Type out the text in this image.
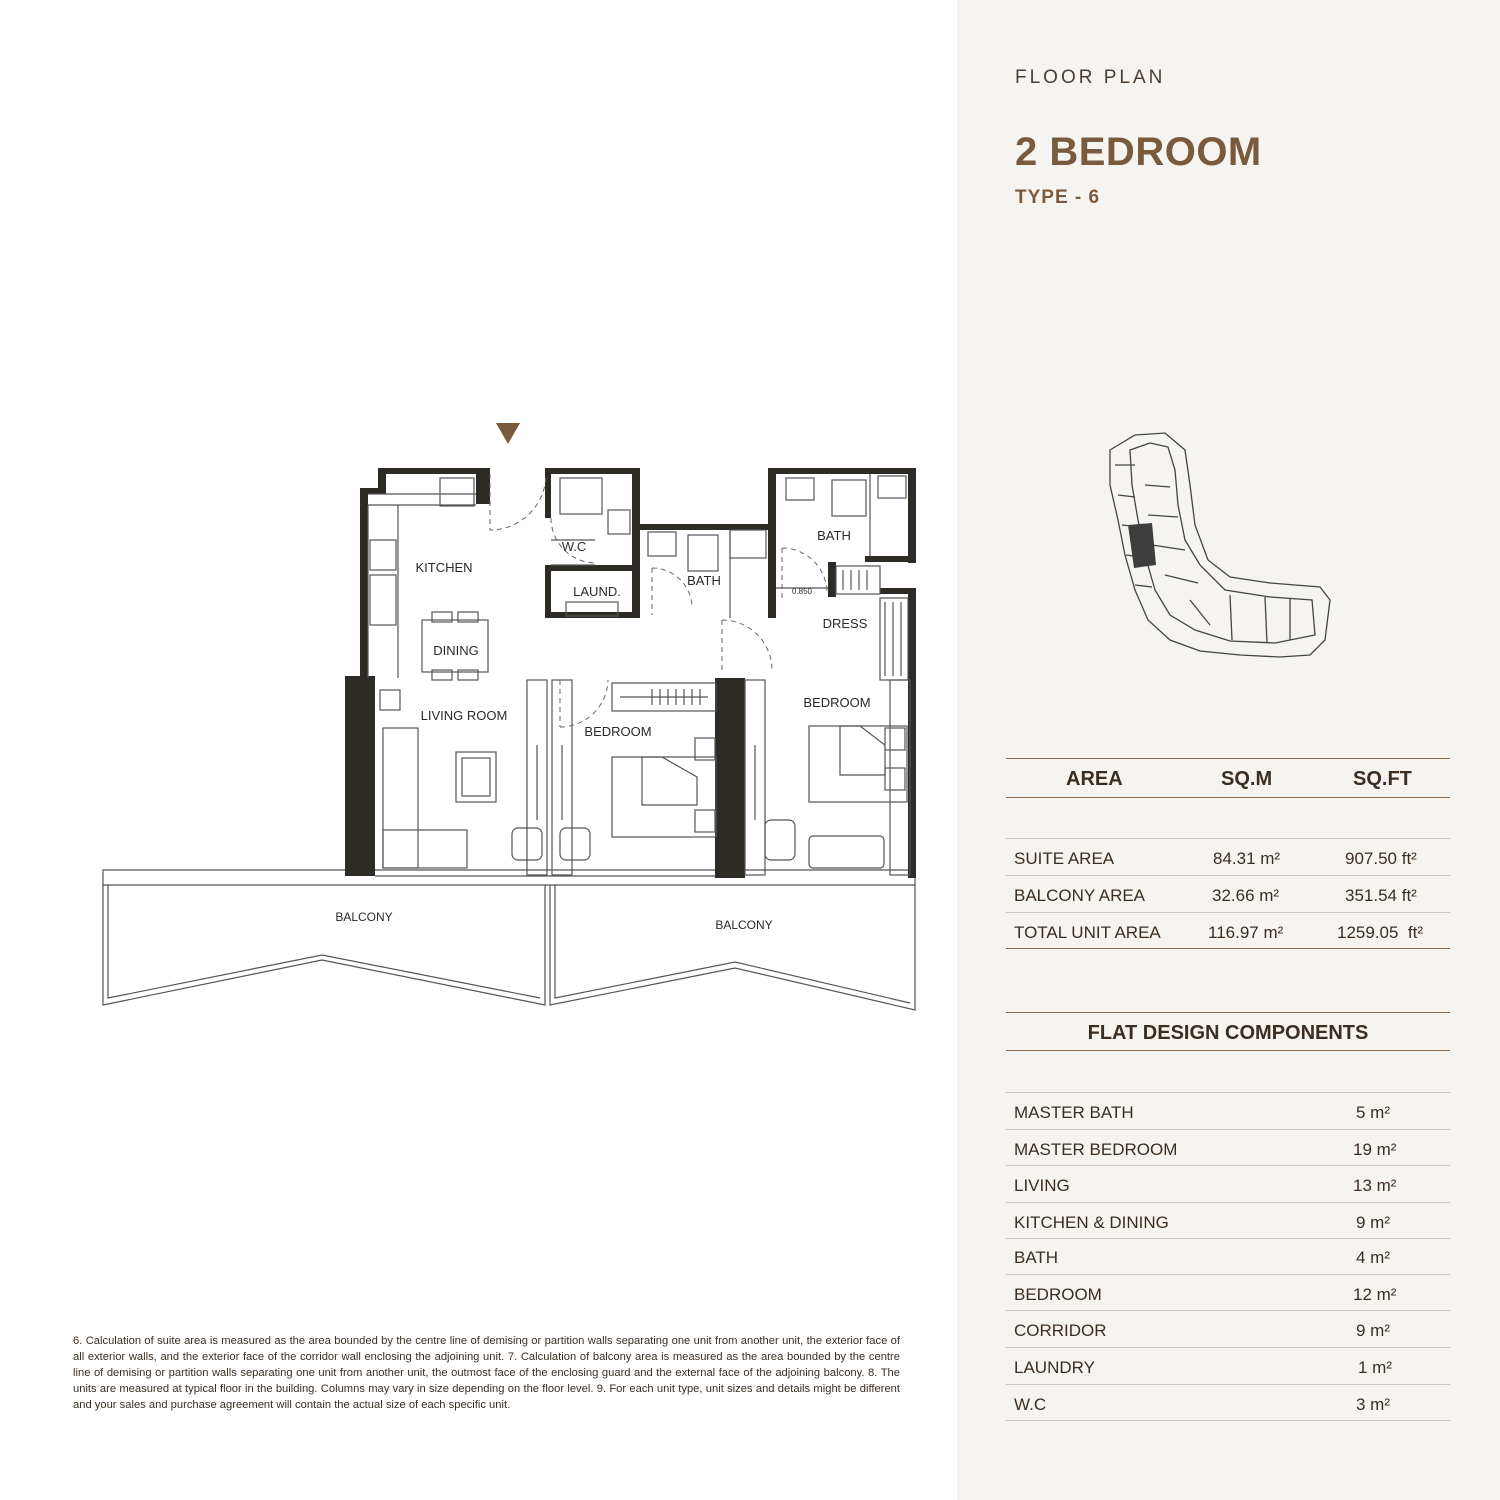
FLOOR PLAN
2 BEDROOM
TYPE - 6
AREA	SQ.M	SQ.FT
SUITE AREA	84.31 m²	907.50 ft²
BALCONY AREA	32.66 m²	351.54 ft²
TOTAL UNIT AREA	116.97 m²	1259.05  ft²
FLAT DESIGN COMPONENTS
MASTER BATH	5 m²
MASTER BEDROOM	19 m²
LIVING	13 m²
KITCHEN & DINING	9 m²
BATH	4 m²
BEDROOM	12 m²
CORRIDOR	9 m²
LAUNDRY	1 m²
W.C	3 m²
KITCHEN
DINING
LIVING ROOM
W.C
LAUND.
BATH
BATH
DRESS
BEDROOM
BEDROOM
BALCONY
BALCONY
0.850
6. Calculation of suite area is measured as the area bounded by the centre line of demising or partition walls separating one unit from another unit, the exterior face of all exterior walls, and the exterior face of the corridor wall enclosing the adjoining unit. 7. Calculation of balcony area is measured as the area bounded by the centre line of demising or partition walls separating one unit from another unit, the outmost face of the enclosing guard and the external face of the adjoining balcony. 8. The units are measured at typical floor in the building. Columns may vary in size depending on the floor level. 9. For each unit type, unit sizes and details might be different and your sales and purchase agreement will contain the actual size of each specific unit.
